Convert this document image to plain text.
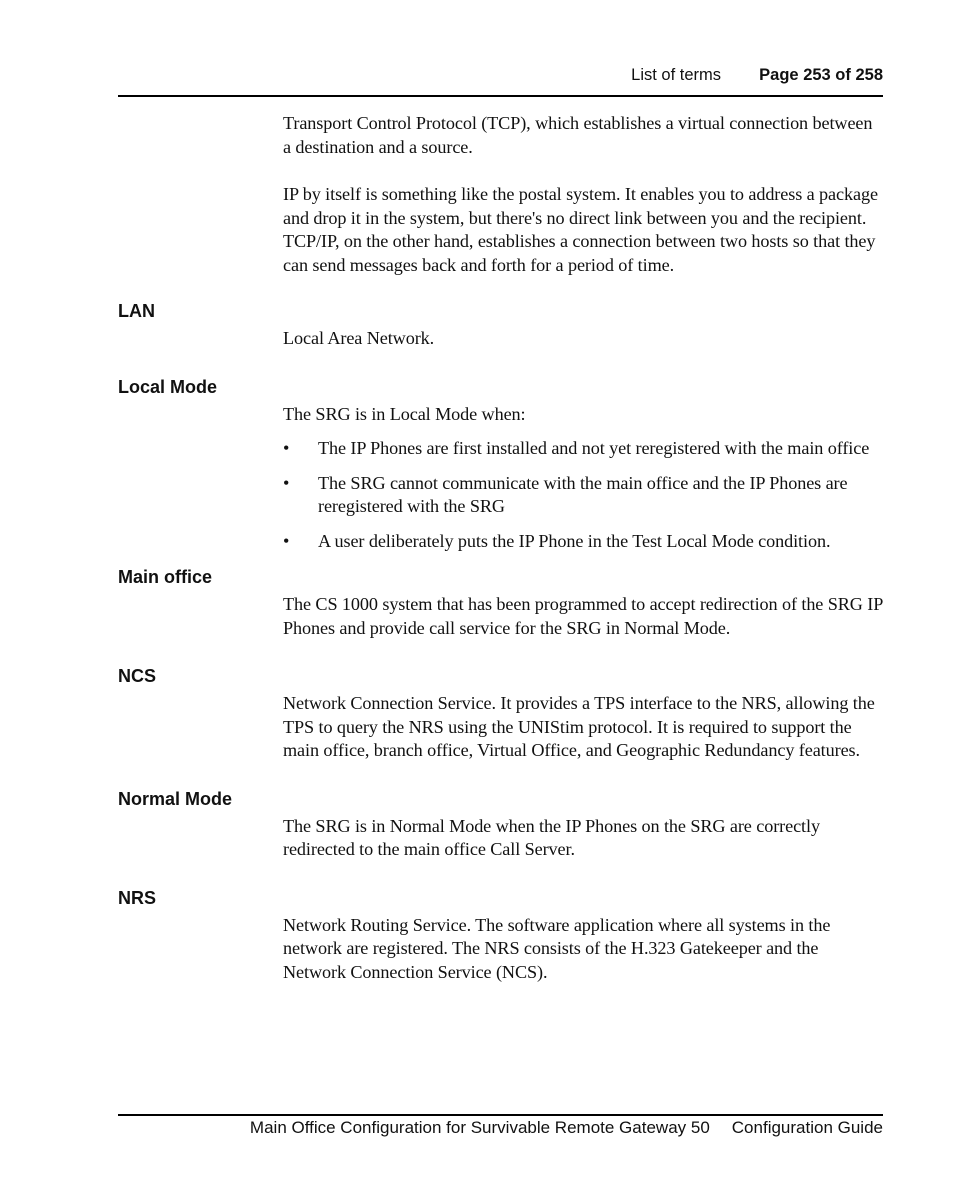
List of terms Page 253 of 258

Transport Control Protocol (TCP), which establishes a virtual connection between a destination and a source.

IP by itself is something like the postal system. It enables you to address a package and drop it in the system, but there's no direct link between you and the recipient. TCP/IP, on the other hand, establishes a connection between two hosts so that they can send messages back and forth for a period of time.

LAN

Local Area Network.

Local Mode

The SRG is in Local Mode when:

• The IP Phones are first installed and not yet reregistered with the main office
• The SRG cannot communicate with the main office and the IP Phones are reregistered with the SRG
• A user deliberately puts the IP Phone in the Test Local Mode condition.
Main office

The CS 1000 system that has been programmed to accept redirection of the SRG IP Phones and provide call service for the SRG in Normal Mode.

NCS

Network Connection Service. It provides a TPS interface to the NRS, allowing the TPS to query the NRS using the UNIStim protocol. It is required to support the main office, branch office, Virtual Office, and Geographic Redundancy features.

Normal Mode

The SRG is in Normal Mode when the IP Phones on the SRG are correctly redirected to the main office Call Server.

NRS

Network Routing Service. The software application where all systems in the network are registered. The NRS consists of the H.323 Gatekeeper and the Network Connection Service (NCS).

Main Office Configuration for Survivable Remote Gateway 50 Configuration Guide
